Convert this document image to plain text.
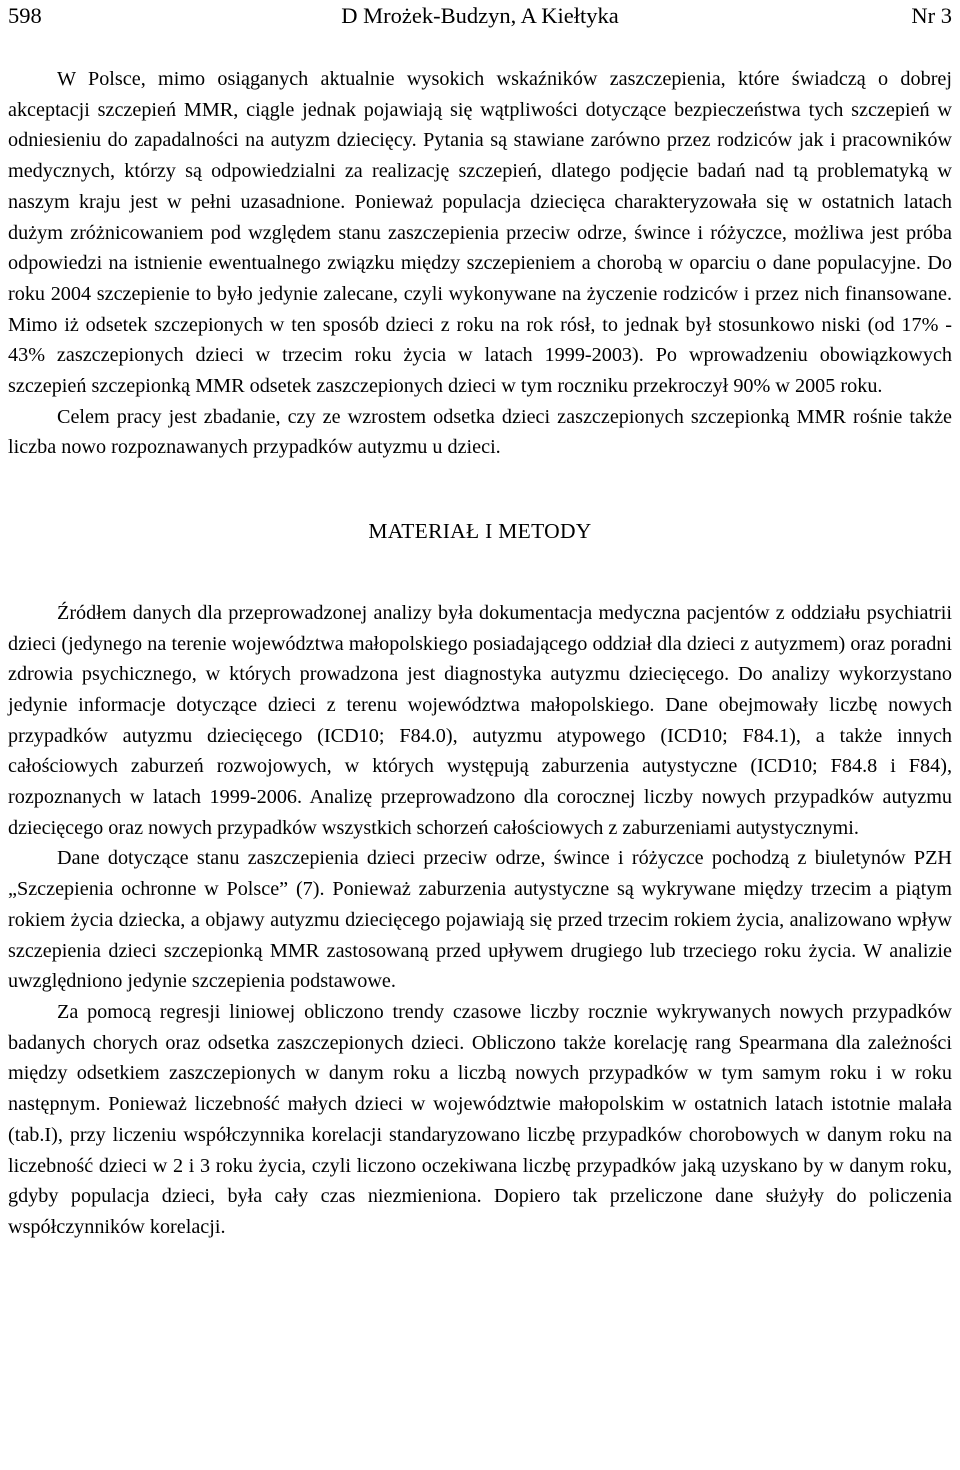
598	D Mrożek-Budzyn, A Kiełtyka	Nr 3

W Polsce, mimo osiąganych aktualnie wysokich wskaźników zaszczepienia, które świadczą o dobrej akceptacji szczepień MMR, ciągle jednak pojawiają się wątpliwości dotyczące bezpieczeństwa tych szczepień w odniesieniu do zapadalności na autyzm dziecięcy. Pytania są stawiane zarówno przez rodziców jak i pracowników medycznych, którzy są odpowiedzialni za realizację szczepień, dlatego podjęcie badań nad tą problematyką w naszym kraju jest w pełni uzasadnione. Ponieważ populacja dziecięca charakteryzowała się w ostatnich latach dużym zróżnicowaniem pod względem stanu zaszczepienia przeciw odrze, śwince i różyczce, możliwa jest próba odpowiedzi na istnienie ewentualnego związku między szczepieniem a chorobą w oparciu o dane populacyjne. Do roku 2004 szczepienie to było jedynie zalecane, czyli wykonywane na życzenie rodziców i przez nich finansowane. Mimo iż odsetek szczepionych w ten sposób dzieci z roku na rok rósł, to jednak był stosunkowo niski (od 17% - 43% zaszczepionych dzieci w trzecim roku życia w latach 1999-2003). Po wprowadzeniu obowiązkowych szczepień szczepionką MMR odsetek zaszczepionych dzieci w tym roczniku przekroczył 90% w 2005 roku.

Celem pracy jest zbadanie, czy ze wzrostem odsetka dzieci zaszczepionych szczepionką MMR rośnie także liczba nowo rozpoznawanych przypadków autyzmu u dzieci.

MATERIAŁ I METODY

Źródłem danych dla przeprowadzonej analizy była dokumentacja medyczna pacjentów z oddziału psychiatrii dzieci (jedynego na terenie województwa małopolskiego posiadającego oddział dla dzieci z autyzmem) oraz poradni zdrowia psychicznego, w których prowadzona jest diagnostyka autyzmu dziecięcego. Do analizy wykorzystano jedynie informacje dotyczące dzieci z terenu województwa małopolskiego. Dane obejmowały liczbę nowych przypadków autyzmu dziecięcego (ICD10; F84.0), autyzmu atypowego (ICD10; F84.1), a także innych całościowych zaburzeń rozwojowych, w których występują zaburzenia autystyczne (ICD10; F84.8 i F84), rozpoznanych w latach 1999-2006. Analizę przeprowadzono dla corocznej liczby nowych przypadków autyzmu dziecięcego oraz nowych przypadków wszystkich schorzeń całościowych z zaburzeniami autystycznymi.

Dane dotyczące stanu zaszczepienia dzieci przeciw odrze, śwince i różyczce pochodzą z biuletynów PZH „Szczepienia ochronne w Polsce” (7). Ponieważ zaburzenia autystyczne są wykrywane między trzecim a piątym rokiem życia dziecka, a objawy autyzmu dziecięcego pojawiają się przed trzecim rokiem życia, analizowano wpływ szczepienia dzieci szczepionką MMR zastosowaną przed upływem drugiego lub trzeciego roku życia. W analizie uwzględniono jedynie szczepienia podstawowe.

Za pomocą regresji liniowej obliczono trendy czasowe liczby rocznie wykrywanych nowych przypadków badanych chorych oraz odsetka zaszczepionych dzieci. Obliczono także korelację rang Spearmana dla zależności między odsetkiem zaszczepionych w danym roku a liczbą nowych przypadków w tym samym roku i w roku następnym. Ponieważ liczebność małych dzieci w województwie małopolskim w ostatnich latach istotnie malała (tab.I), przy liczeniu współczynnika korelacji standaryzowano liczbę przypadków chorobowych w danym roku na liczebność dzieci w 2 i 3 roku życia, czyli liczono oczekiwana liczbę przypadków jaką uzyskano by w danym roku, gdyby populacja dzieci, była cały czas niezmieniona. Dopiero tak przeliczone dane służyły do policzenia współczynników korelacji.
